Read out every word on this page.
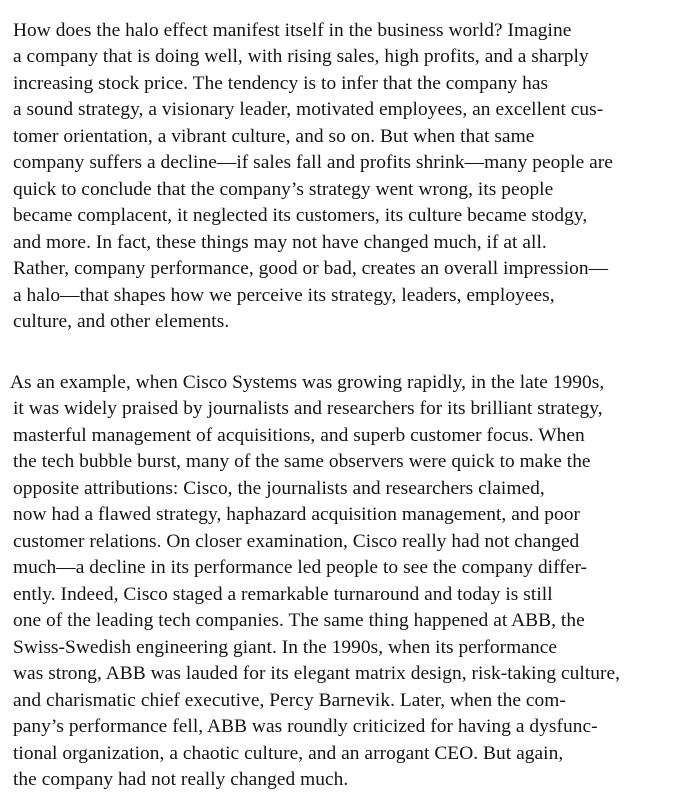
How does the halo effect manifest itself in the business world? Imagine
a company that is doing well, with rising sales, high profits, and a sharply
increasing stock price. The tendency is to infer that the company has
a sound strategy, a visionary leader, motivated employees, an excellent cus-
tomer orientation, a vibrant culture, and so on. But when that same
company suffers a decline—if sales fall and profits shrink—many people are
quick to conclude that the company’s strategy went wrong, its people
became complacent, it neglected its customers, its culture became stodgy,
and more. In fact, these things may not have changed much, if at all.
Rather, company performance, good or bad, creates an overall impression—
a halo—that shapes how we perceive its strategy, leaders, employees,
culture, and other elements.
As an example, when Cisco Systems was growing rapidly, in the late 1990s,
it was widely praised by journalists and researchers for its brilliant strategy,
masterful management of acquisitions, and superb customer focus. When
the tech bubble burst, many of the same observers were quick to make the
opposite attributions: Cisco, the journalists and researchers claimed,
now had a flawed strategy, haphazard acquisition management, and poor
customer relations. On closer examination, Cisco really had not changed
much—a decline in its performance led people to see the company differ-
ently. Indeed, Cisco staged a remarkable turnaround and today is still
one of the leading tech companies. The same thing happened at ABB, the
Swiss-Swedish engineering giant. In the 1990s, when its performance
was strong, ABB was lauded for its elegant matrix design, risk-taking culture,
and charismatic chief executive, Percy Barnevik. Later, when the com-
pany’s performance fell, ABB was roundly criticized for having a dysfunc-
tional organization, a chaotic culture, and an arrogant CEO. But again,
the company had not really changed much.
